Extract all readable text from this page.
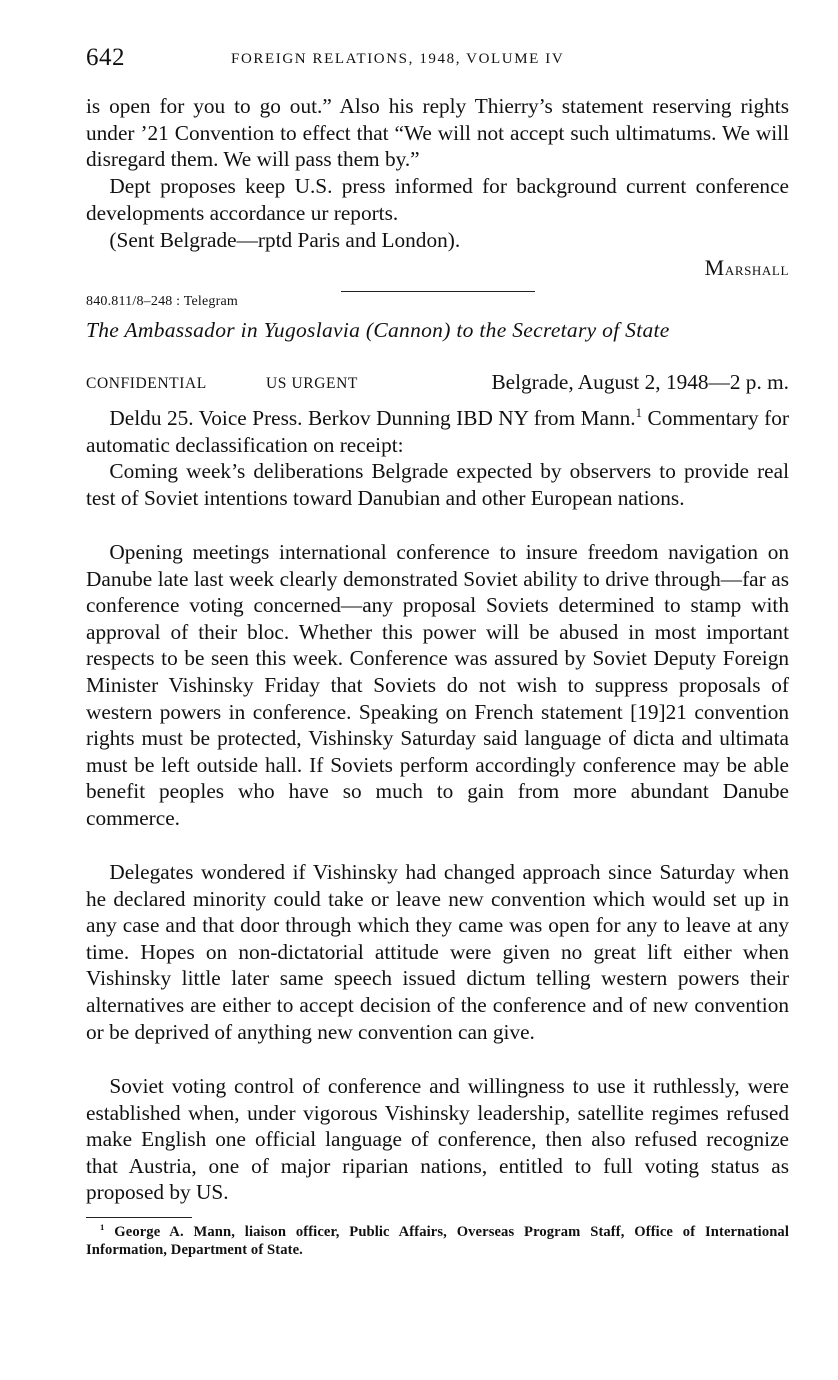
642	FOREIGN RELATIONS, 1948, VOLUME IV

is open for you to go out.” Also his reply Thierry’s statement reserving rights under ’21 Convention to effect that “We will not accept such ultimatums. We will disregard them. We will pass them by.”

Dept proposes keep U.S. press informed for background current conference developments accordance ur reports.

(Sent Belgrade—rptd Paris and London).

Marshall
840.811/8–248 : Telegram
The Ambassador in Yugoslavia (Cannon) to the Secretary of State
CONFIDENTIAL	US URGENT	Belgrade, August 2, 1948—2 p. m.

Deldu 25. Voice Press. Berkov Dunning IBD NY from Mann.$^1$ Commentary for automatic declassification on receipt:

Coming week’s deliberations Belgrade expected by observers to provide real test of Soviet intentions toward Danubian and other European nations.

Opening meetings international conference to insure freedom navigation on Danube late last week clearly demonstrated Soviet ability to drive through—far as conference voting concerned—any proposal Soviets determined to stamp with approval of their bloc. Whether this power will be abused in most important respects to be seen this week. Conference was assured by Soviet Deputy Foreign Minister Vishinsky Friday that Soviets do not wish to suppress proposals of western powers in conference. Speaking on French statement [19]21 convention rights must be protected, Vishinsky Saturday said language of dicta and ultimata must be left outside hall. If Soviets perform accordingly conference may be able benefit peoples who have so much to gain from more abundant Danube commerce.

Delegates wondered if Vishinsky had changed approach since Saturday when he declared minority could take or leave new convention which would set up in any case and that door through which they came was open for any to leave at any time. Hopes on non-dictatorial attitude were given no great lift either when Vishinsky little later same speech issued dictum telling western powers their alternatives are either to accept decision of the conference and of new convention or be deprived of anything new convention can give.

Soviet voting control of conference and willingness to use it ruthlessly, were established when, under vigorous Vishinsky leadership, satellite regimes refused make English one official language of conference, then also refused recognize that Austria, one of major riparian nations, entitled to full voting status as proposed by US.

$^1$ George A. Mann, liaison officer, Public Affairs, Overseas Program Staff, Office of International Information, Department of State.
